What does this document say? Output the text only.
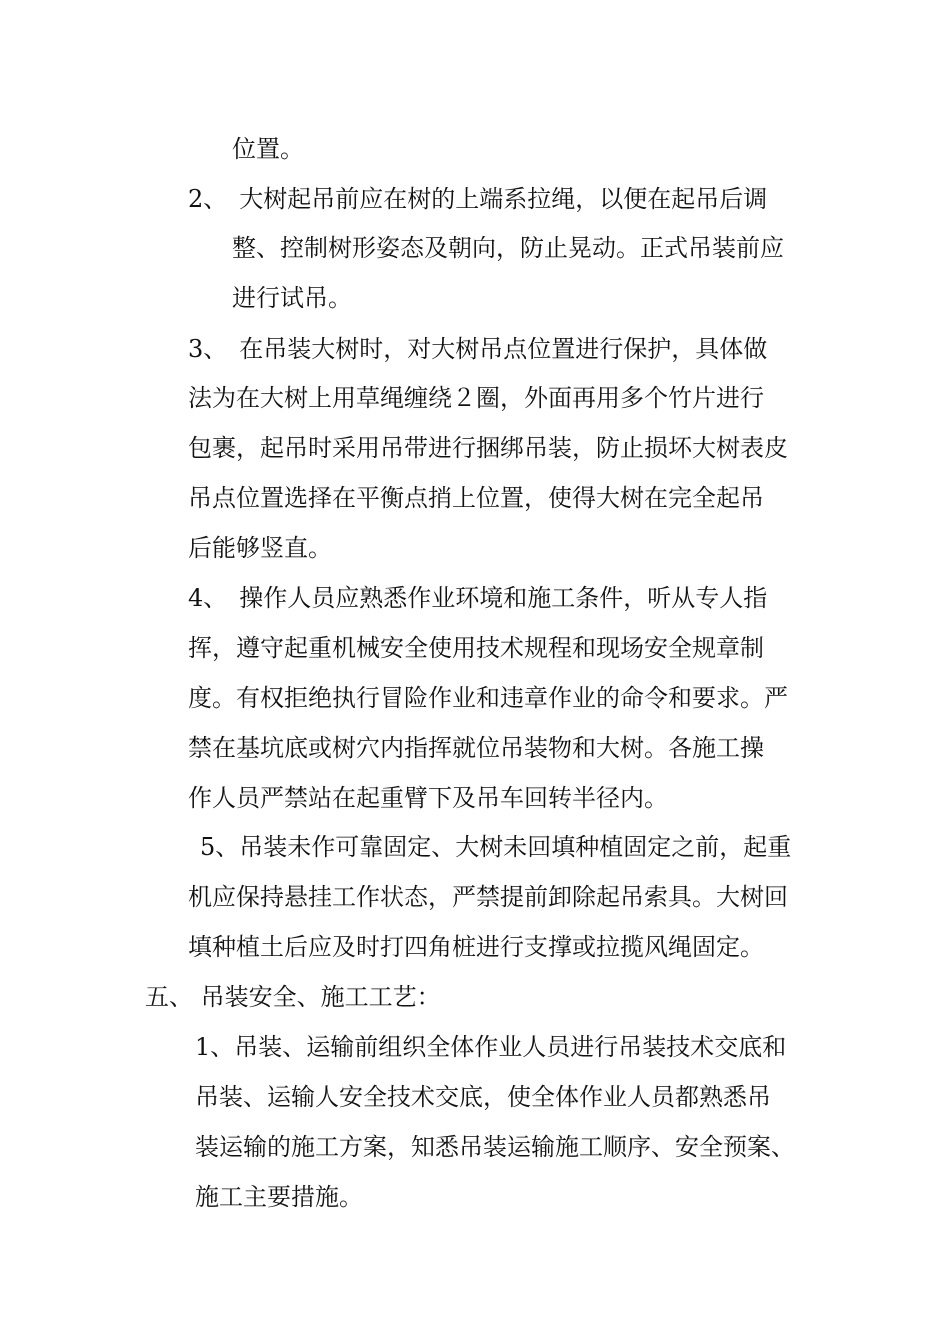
位置。
2、　大树起吊前应在树的上端系拉绳，以便在起吊后调
整、控制树形姿态及朝向，防止晃动。正式吊装前应
进行试吊。
3、　在吊装大树时，对大树吊点位置进行保护，具体做
法为在大树上用草绳缠绕２圈，外面再用多个竹片进行
包裹，起吊时采用吊带进行捆绑吊装，防止损坏大树表皮
吊点位置选择在平衡点捎上位置，使得大树在完全起吊
后能够竖直。
4、　操作人员应熟悉作业环境和施工条件，听从专人指
挥，遵守起重机械安全使用技术规程和现场安全规章制
度。有权拒绝执行冒险作业和违章作业的命令和要求。严
禁在基坑底或树穴内指挥就位吊装物和大树。各施工操
作人员严禁站在起重臂下及吊车回转半径内。
5、吊装未作可靠固定、大树未回填种植固定之前，起重
机应保持悬挂工作状态，严禁提前卸除起吊索具。大树回
填种植土后应及时打四角桩进行支撑或拉揽风绳固定。
五、 吊装安全、施工工艺：
1、吊装、运输前组织全体作业人员进行吊装技术交底和
吊装、运输人安全技术交底，使全体作业人员都熟悉吊
装运输的施工方案，知悉吊装运输施工顺序、安全预案、
施工主要措施。
